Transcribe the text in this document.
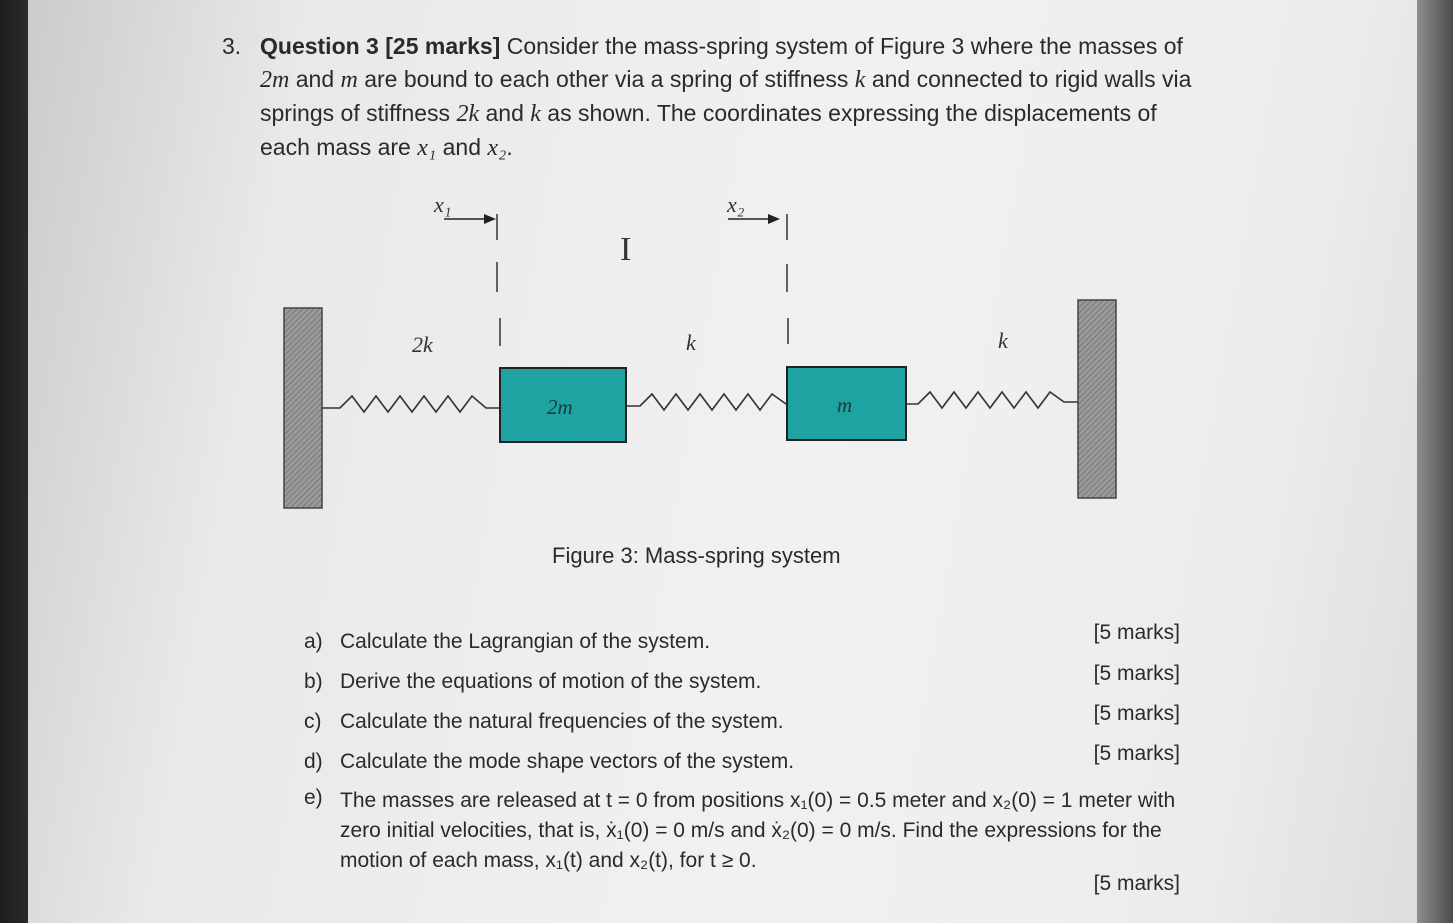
3. Question 3 [25 marks] Consider the mass-spring system of Figure 3 where the masses of 2m and m are bound to each other via a spring of stiffness k and connected to rigid walls via springs of stiffness 2k and k as shown. The coordinates expressing the displacements of each mass are x₁ and x₂.
x₁	x₂
I
2k	k	k
2m	m
Figure 3: Mass-spring system
a) Calculate the Lagrangian of the system.	[5 marks]
b) Derive the equations of motion of the system.	[5 marks]
c) Calculate the natural frequencies of the system.	[5 marks]
d) Calculate the mode shape vectors of the system.	[5 marks]
e) The masses are released at t = 0 from positions x₁(0) = 0.5 meter and x₂(0) = 1 meter with zero initial velocities, that is, ẋ₁(0) = 0 m/s and ẋ₂(0) = 0 m/s. Find the expressions for the motion of each mass, x₁(t) and x₂(t), for t ≥ 0.
[5 marks]
